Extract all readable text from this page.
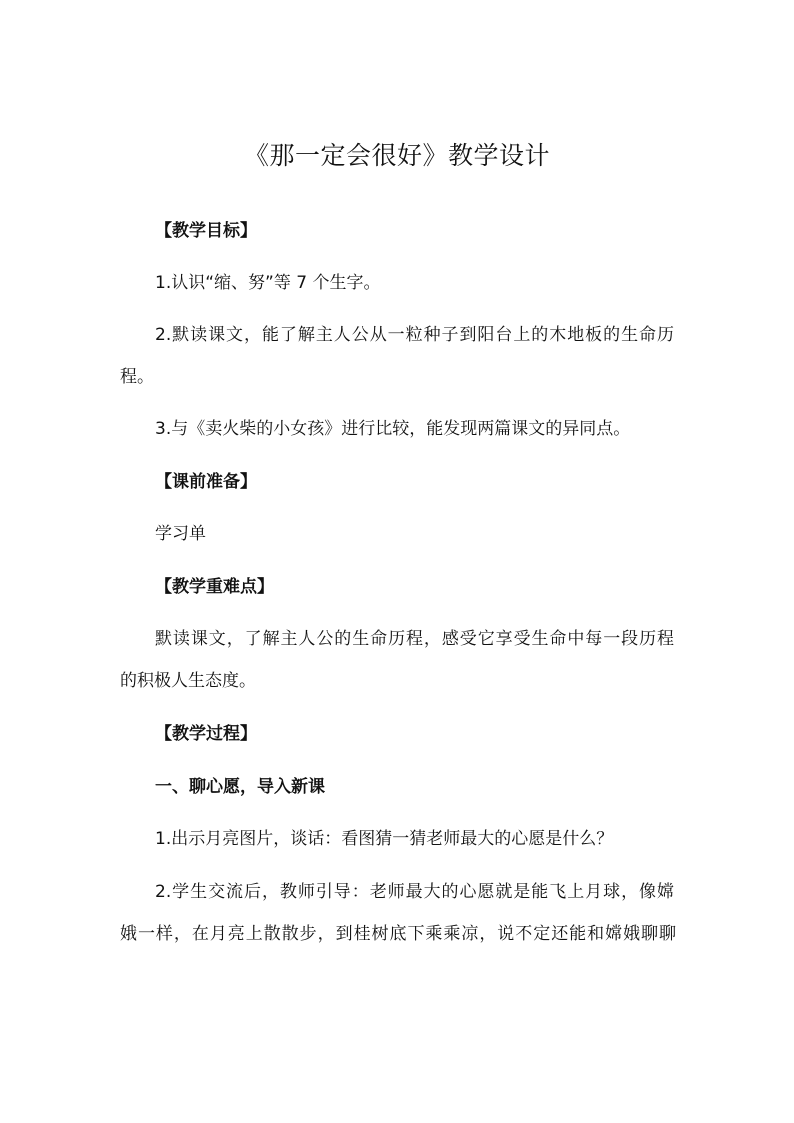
《那一定会很好》教学设计
【教学目标】
1.认识“缩、努”等 7 个生字。
2.默读课文，能了解主人公从一粒种子到阳台上的木地板的生命历
程。
3.与《卖火柴的小女孩》进行比较，能发现两篇课文的异同点。
【课前准备】
学习单
【教学重难点】
默读课文，了解主人公的生命历程，感受它享受生命中每一段历程
的积极人生态度。
【教学过程】
一、聊心愿，导入新课
1.出示月亮图片，谈话：看图猜一猜老师最大的心愿是什么？
2.学生交流后，教师引导：老师最大的心愿就是能飞上月球，像嫦
娥一样，在月亮上散散步，到桂树底下乘乘凉，说不定还能和嫦娥聊聊
